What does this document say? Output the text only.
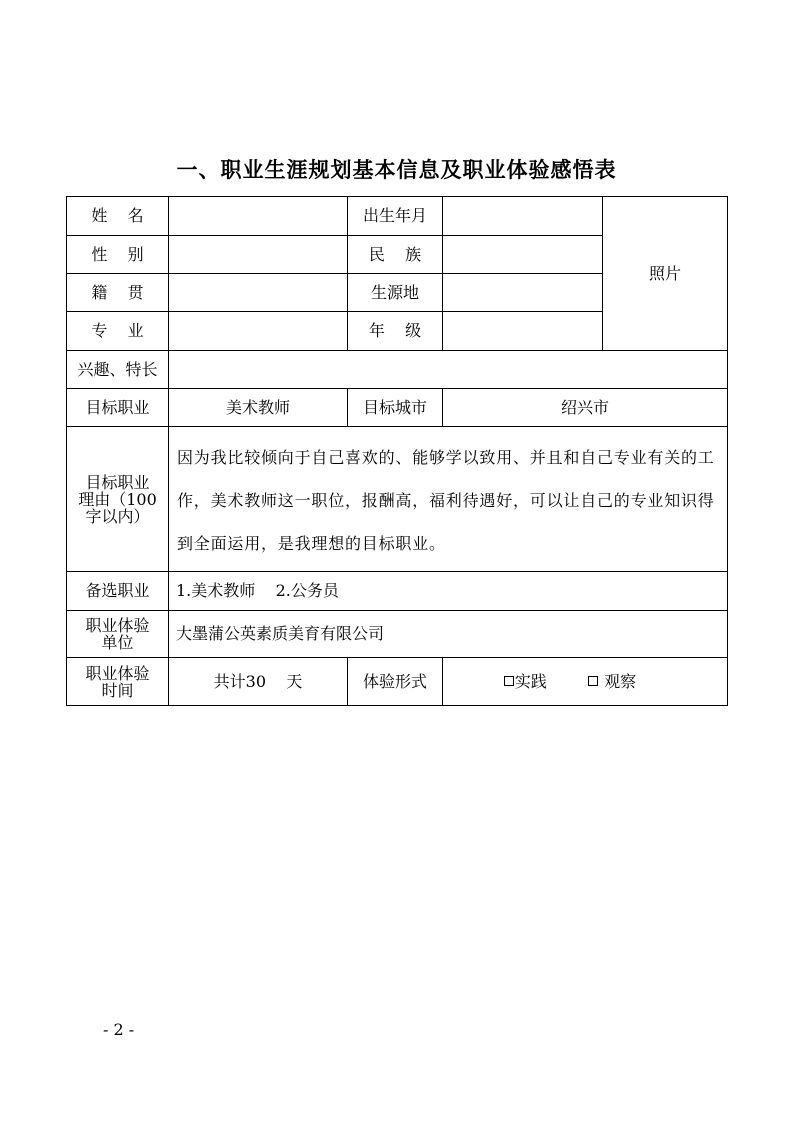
一、职业生涯规划基本信息及职业体验感悟表
姓    名		出生年月		照片
性    别		民    族		
籍    贯		生源地		
专    业		年    级		
兴趣、特长				
目标职业	美术教师	目标城市	绍兴市	

目标职业
理由（100
字以内）	因为我比较倾向于自己喜欢的、能够学以致用、并且和自己专业有关的工作，美术教师这一职位，报酬高，福利待遇好，可以让自己的专业知识得到全面运用，是我理想的目标职业。			
备选职业	1.美术教师    2.公务员			

职业体验
单位	大墨蒲公英素质美育有限公司			

职业体验
时间	共计30    天	体验形式	实践 观察	
- 2 -
